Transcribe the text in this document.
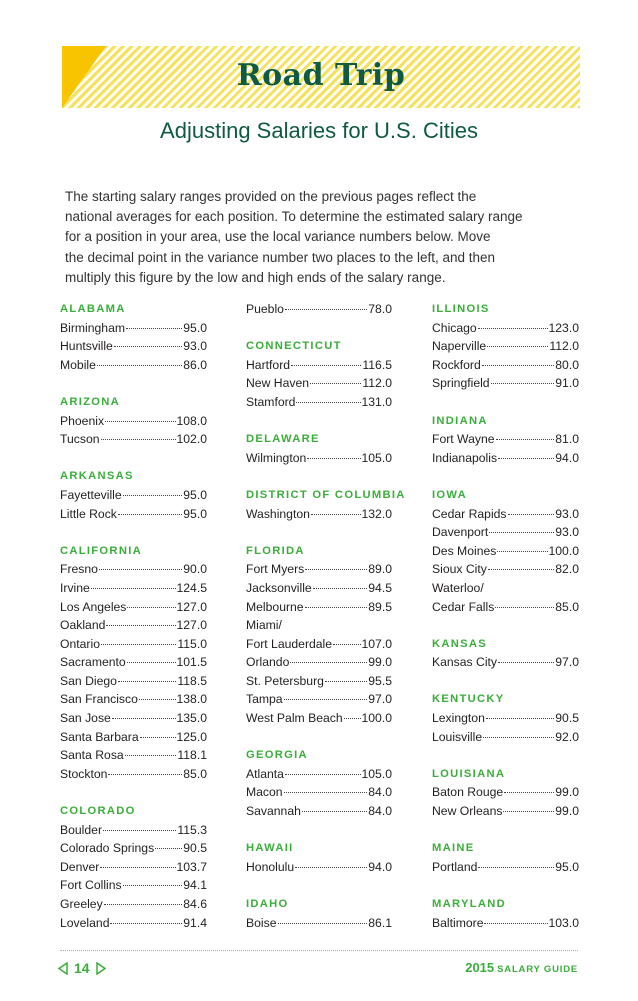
Road Trip
Adjusting Salaries for U.S. Cities
The starting salary ranges provided on the previous pages reflect the
national averages for each position. To determine the estimated salary range
for a position in your area, use the local variance numbers below. Move
the decimal point in the variance number two places to the left, and then
multiply this figure by the low and high ends of the salary range.
ALABAMA
Birmingham	95.0
Huntsville	93.0
Mobile	86.0
ARIZONA
Phoenix	108.0
Tucson	102.0
ARKANSAS
Fayetteville	95.0
Little Rock	95.0
CALIFORNIA
Fresno	90.0
Irvine	124.5
Los Angeles	127.0
Oakland	127.0
Ontario	115.0
Sacramento	101.5
San Diego	118.5
San Francisco	138.0
San Jose	135.0
Santa Barbara	125.0
Santa Rosa	118.1
Stockton	85.0
COLORADO
Boulder	115.3
Colorado Springs 90.5
Denver	103.7
Fort Collins	94.1
Greeley	84.6
Loveland	91.4
Pueblo	78.0
CONNECTICUT
Hartford	116.5
New Haven	112.0
Stamford	131.0
DELAWARE
Wilmington	105.0
DISTRICT OF COLUMBIA
Washington	132.0
FLORIDA
Fort Myers	89.0
Jacksonville	94.5
Melbourne	89.5
Miami/
Fort Lauderdale 107.0
Orlando	99.0
St. Petersburg	95.5
Tampa	97.0
West Palm Beach 100.0
GEORGIA
Atlanta	105.0
Macon	84.0
Savannah	84.0
HAWAII
Honolulu	94.0
IDAHO
Boise	86.1
ILLINOIS
Chicago	123.0
Naperville	112.0
Rockford	80.0
Springfield	91.0
INDIANA
Fort Wayne	81.0
Indianapolis	94.0
IOWA
Cedar Rapids	93.0
Davenport	93.0
Des Moines	100.0
Sioux City	82.0
Waterloo/
Cedar Falls	85.0
KANSAS
Kansas City	97.0
KENTUCKY
Lexington	90.5
Louisville	92.0
LOUISIANA
Baton Rouge	99.0
New Orleans	99.0
MAINE
Portland	95.0
MARYLAND
Baltimore	103.0
14	2015 SALARY GUIDE
